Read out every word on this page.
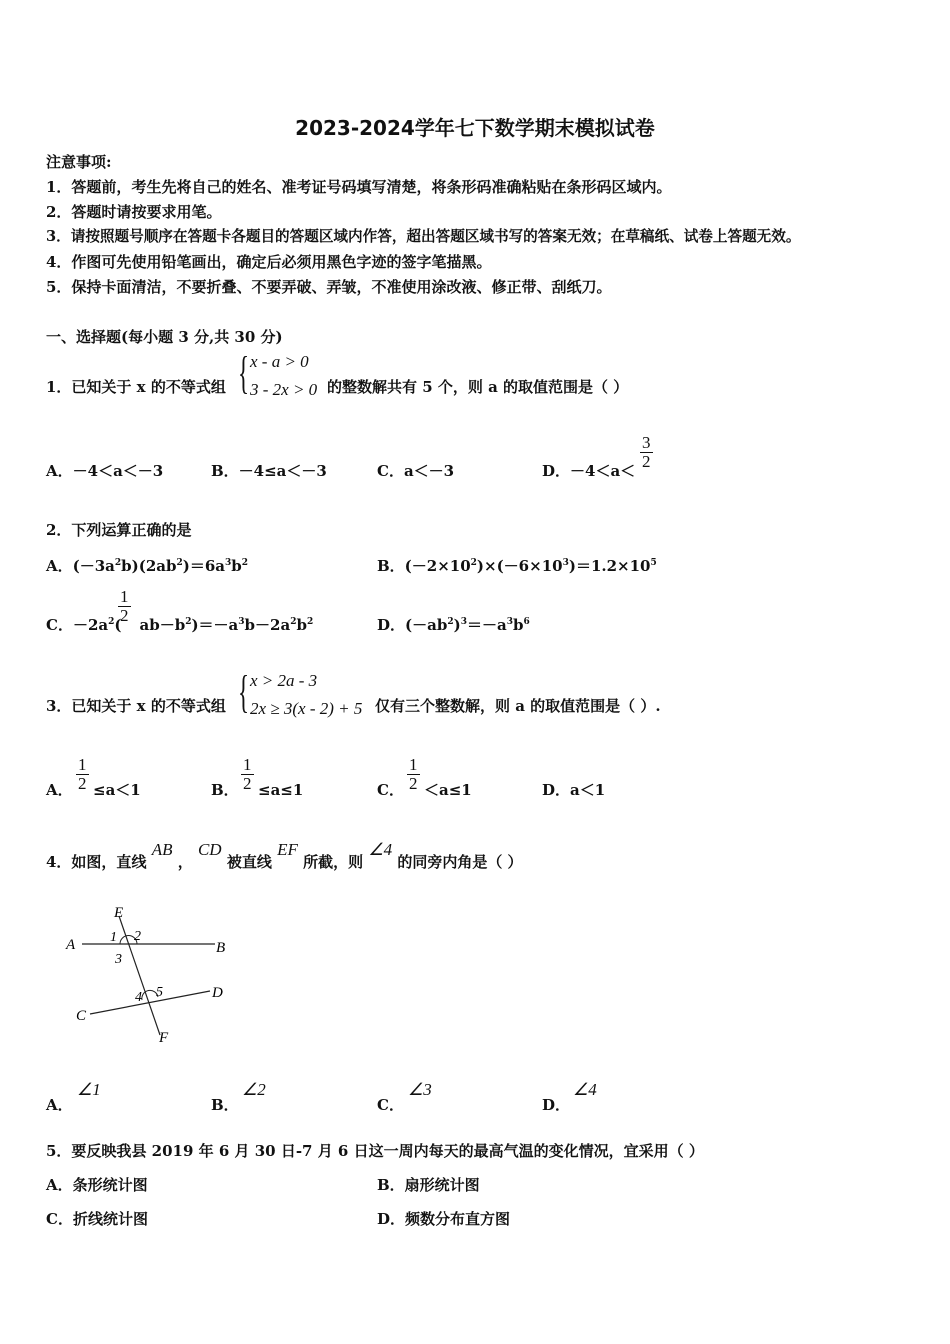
2023-2024学年七下数学期末模拟试卷
注意事项:
1．答题前，考生先将自己的姓名、准考证号码填写清楚，将条形码准确粘贴在条形码区域内。
2．答题时请按要求用笔。
3．请按照题号顺序在答题卡各题目的答题区域内作答，超出答题区域书写的答案无效；在草稿纸、试卷上答题无效。
4．作图可先使用铅笔画出，确定后必须用黑色字迹的签字笔描黑。
5．保持卡面清洁，不要折叠、不要弄破、弄皱，不准使用涂改液、修正带、刮纸刀。
一、选择题(每小题 3 分,共 30 分)
1．已知关于 x 的不等式组 { x - a > 0
3 - 2x > 0 的整数解共有 5 个，则 a 的取值范围是（ ）
A．－4＜a＜－3	B．－4≤a＜－3	C．a＜－3	D．$-4<a< \frac{3}{2}$
2．下列运算正确的是
A．$(-3a^2b)(2ab^2)=6a^3b^2$	B．$(-2\times 10^2)\times(-6\times 10^3)=1.2\times 10^5$
C．$-2a^2$( $ab-b^2)=-a^3b-2a^2b^2$
$\frac{1}{2}$	D．$(-ab^2)^3=-a^3b^6$
3．已知关于 x 的不等式组 { x > 2a - 3
2x ≥ 3(x - 2) + 5 仅有三个整数解，则 a 的取值范围是（ ）.
A． $\frac{1}{2} \le a<1$	B． $\frac{1}{2} \le a\le 1$	C． $\frac{1}{2} <a\le 1$	D．a＜1
4．如图，直线 AB ， CD 被直线 EF 所截，则 ∠4 的同旁内角是（ ）
E
A	B
C
D
F
1 2
3
4 5
A．
∠1
B．
∠2
C．
∠3
D．
∠4
5．要反映我县 2019 年 6 月 30 日-7 月 6 日这一周内每天的最高气温的变化情况，宜采用（ ）
A．条形统计图	B．扇形统计图
C．折线统计图	D．频数分布直方图
